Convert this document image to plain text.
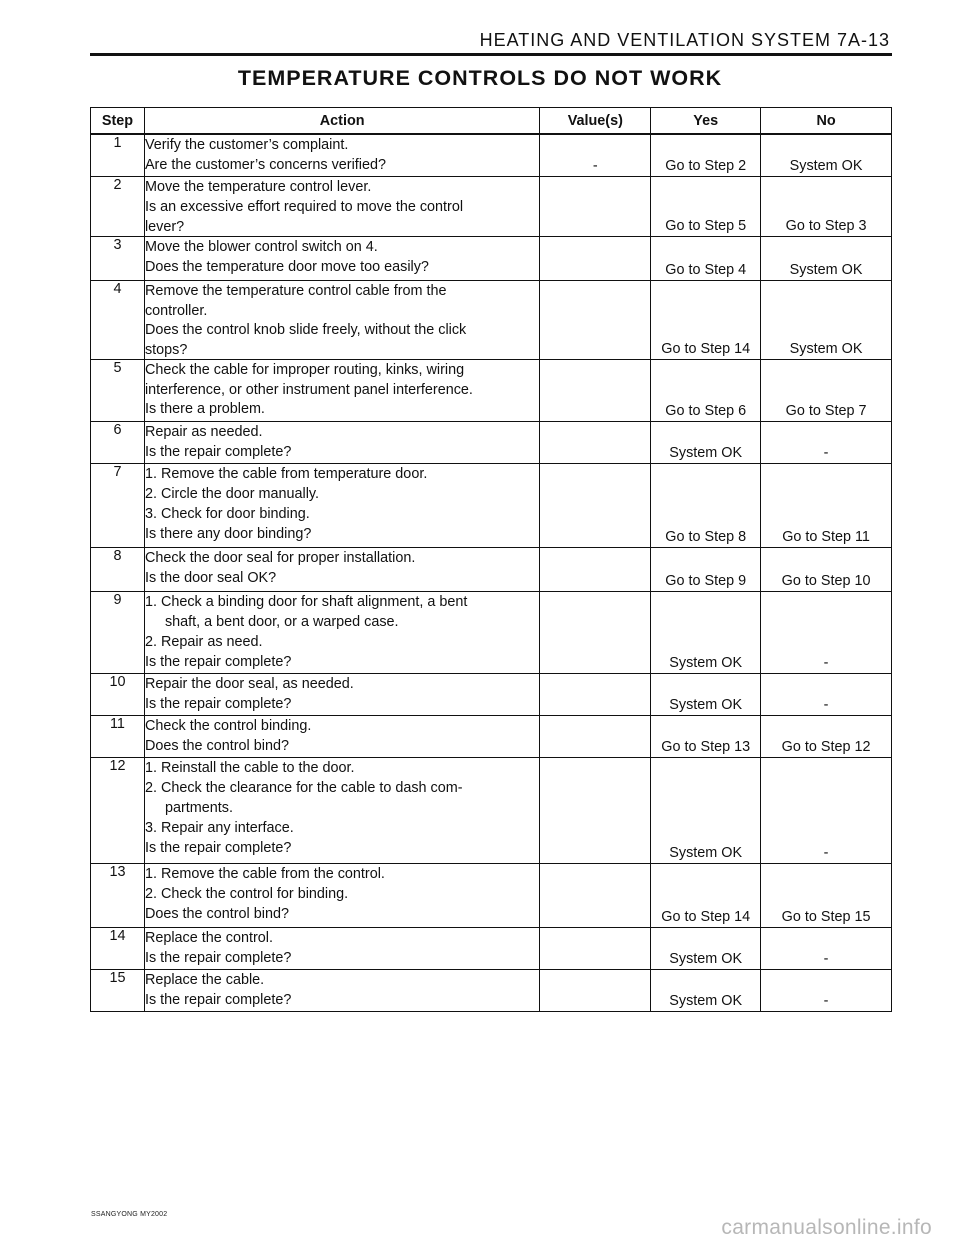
HEATING AND VENTILATION SYSTEM 7A-13
TEMPERATURE CONTROLS DO NOT WORK
Step	Action	Value(s)	Yes	No
1	Verify the customer’s complaint.
Are the customer’s concerns verified?	-	Go to Step 2	System OK
2	Move the temperature control lever.
Is an excessive effort required to move the control
lever?		Go to Step 5	Go to Step 3
3	Move the blower control switch on 4.
Does the temperature door move too easily?		Go to Step 4	System OK
4	Remove the temperature control cable from the
controller.
Does the control knob slide freely, without the click
stops?		Go to Step 14	System OK
5	Check the cable for improper routing, kinks, wiring
interference, or other instrument panel interference.
Is there a problem.		Go to Step 6	Go to Step 7
6	Repair as needed.
Is the repair complete?		System OK	-
7	1. Remove the cable from temperature door.
2. Circle the door manually.
3. Check for door binding.
Is there any door binding?		Go to Step 8	Go to Step 11
8	Check the door seal for proper installation.
Is the door seal OK?		Go to Step 9	Go to Step 10
9	1. Check a binding door for shaft alignment, a bent
shaft, a bent door, or a warped case.
2. Repair as need.
Is the repair complete?		System OK	-
10	Repair the door seal, as needed.
Is the repair complete?		System OK	-
11	Check the control binding.
Does the control bind?		Go to Step 13	Go to Step 12
12	1. Reinstall the cable to the door.
2. Check the clearance for the cable to dash com-
partments.
3. Repair any interface.
Is the repair complete?		System OK	-
13	1. Remove the cable from the control.
2. Check the control for binding.
Does the control bind?		Go to Step 14	Go to Step 15
14	Replace the control.
Is the repair complete?		System OK	-
15	Replace the cable.
Is the repair complete?		System OK	-
SSANGYONG MY2002
carmanualsonline.info
